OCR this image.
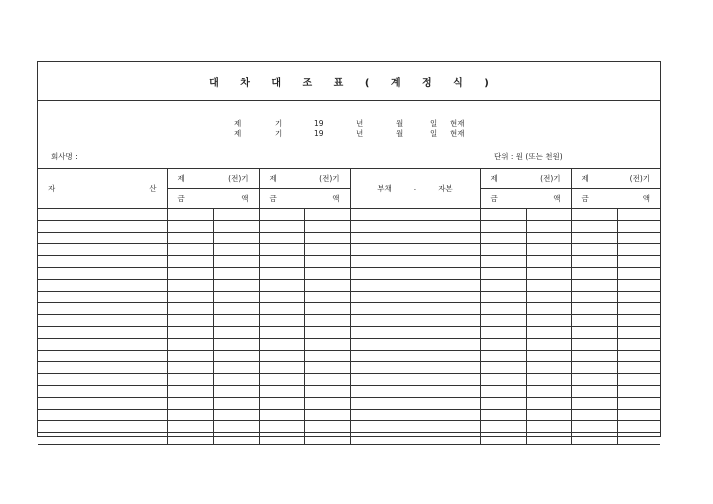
대 차 대 조 표 ( 계 정 식 )
제	기	19	년	월	일 현재
제	기	19	년	월	일 현재
회사명 :	단위 : 원 (또는 천원)
자 산	제 (전)기		제 (전)기		부채 . 자본	제 (전)기		제 (전)기	

	금 액		금 액			금 액		금 액	
